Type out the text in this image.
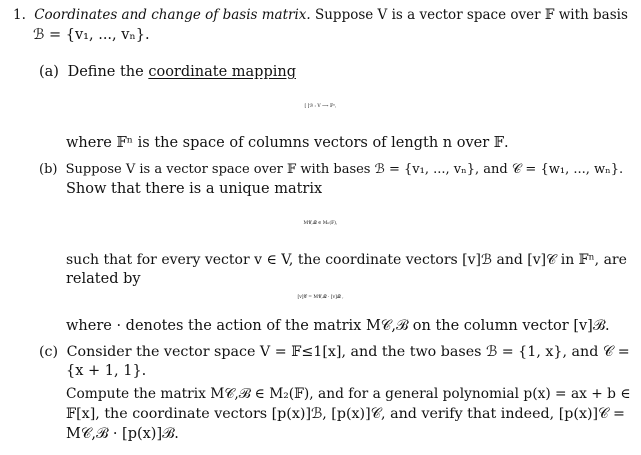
1. Coordinates and change of basis matrix. Suppose V is a vector space over 𝔽 with basis
ℬ = {v₁, ..., vₙ}.
(a) Define the coordinate mapping
[ ]ℬ : V ⟶ 𝔽ⁿ,
where 𝔽ⁿ is the space of columns vectors of length n over 𝔽.
(b) Suppose V is a vector space over 𝔽 with bases ℬ = {v₁, ..., vₙ}, and 𝒞 = {w₁, ..., wₙ}.
Show that there is a unique matrix
M𝒞,ℬ ∈ Mₙ(𝔽),
such that for every vector v ∈ V, the coordinate vectors [v]ℬ and [v]𝒞 in 𝔽ⁿ, are
related by
[v]𝒞 = M𝒞,ℬ · [v]ℬ ,
where · denotes the action of the matrix M𝒞,ℬ on the column vector [v]ℬ.
(c) Consider the vector space V = 𝔽≤1[x], and the two bases ℬ = {1, x}, and 𝒞 =
{x + 1, 1}.
Compute the matrix M𝒞,ℬ ∈ M₂(𝔽), and for a general polynomial p(x) = ax + b ∈
𝔽[x], the coordinate vectors [p(x)]ℬ, [p(x)]𝒞, and verify that indeed, [p(x)]𝒞 =
M𝒞,ℬ · [p(x)]ℬ.
